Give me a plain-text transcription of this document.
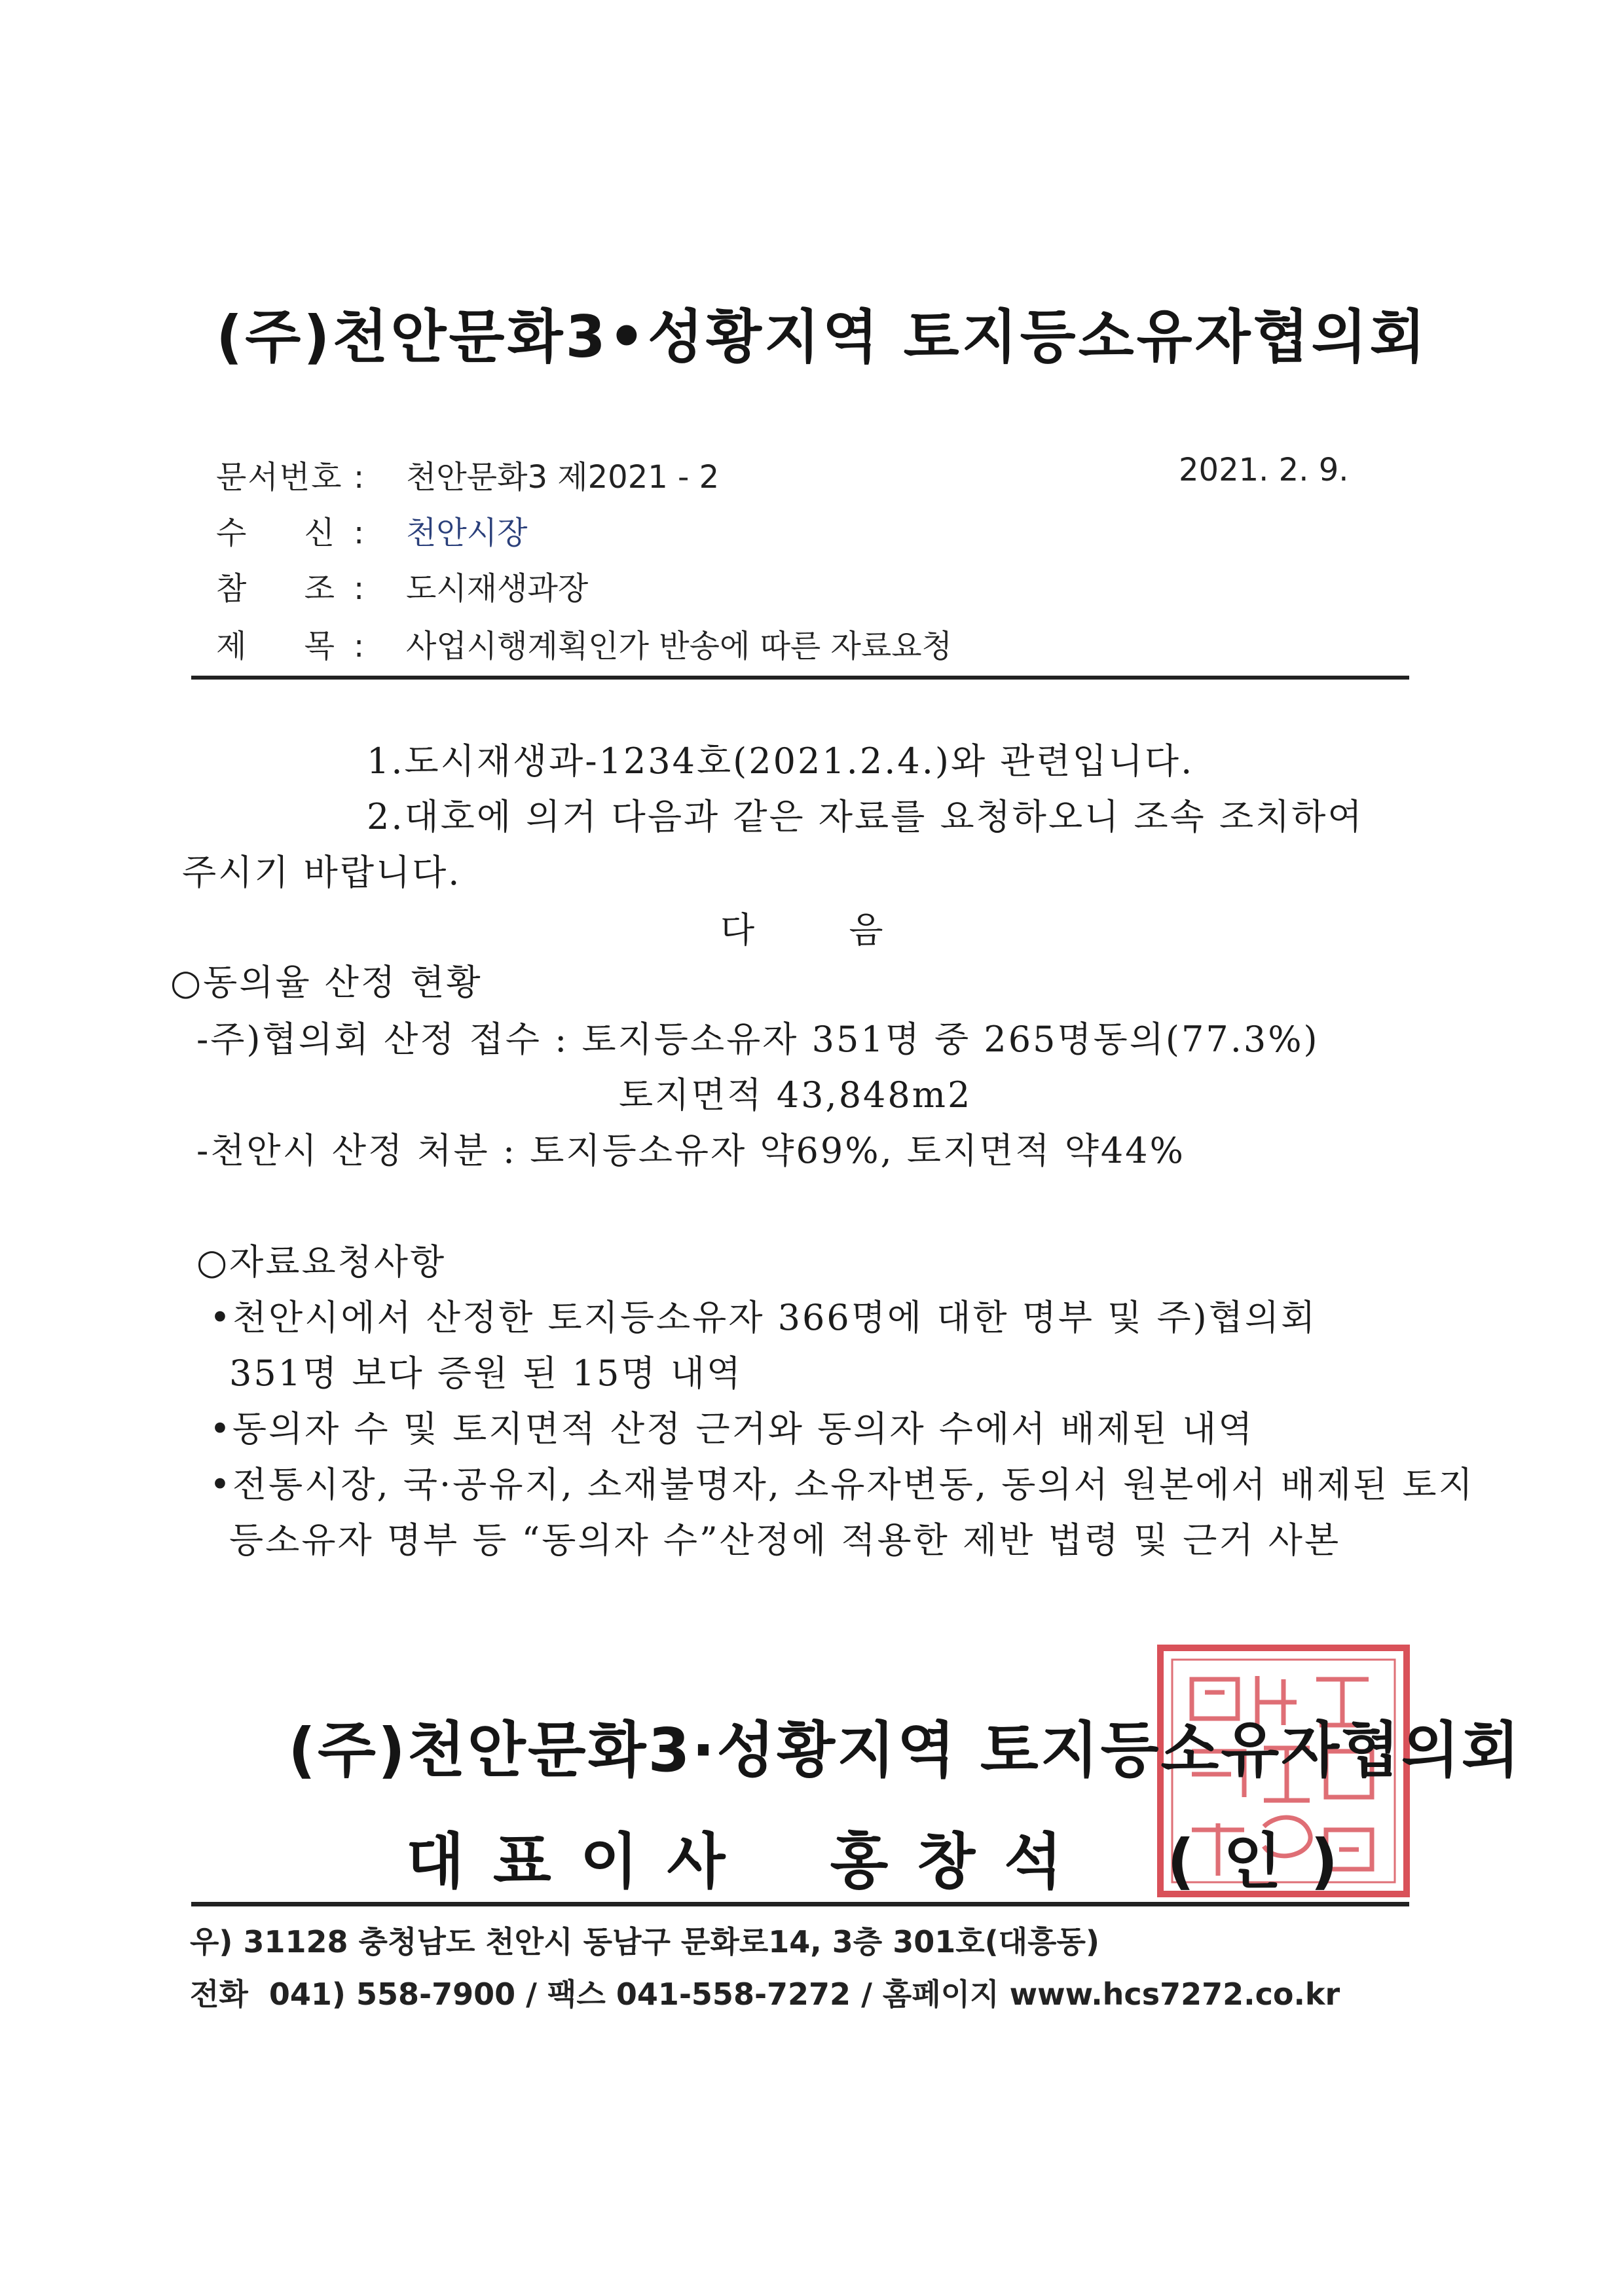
(주)천안문화3•성황지역 토지등소유자협의회
문서번호 : 천안문화3 제2021 - 2	2021. 2. 9.
수     신 : 천안시장
참     조 : 도시재생과장
제     목 : 사업시행계획인가 반송에 따른 자료요청
1.도시재생과-1234호(2021.2.4.)와 관련입니다.
2.대호에 의거 다음과 같은 자료를 요청하오니 조속 조치하여
주시기 바랍니다.
다       음
○동의율 산정 현황
-주)협의회 산정 접수 : 토지등소유자 351명 중 265명동의(77.3%)
토지면적 43,848m2
-천안시 산정 처분 : 토지등소유자 약69%, 토지면적 약44%
○자료요청사항
•천안시에서 산정한 토지등소유자 366명에 대한 명부 및 주)협의회
351명 보다 증원 된 15명 내역
•동의자 수 및 토지면적 산정 근거와 동의자 수에서 배제된 내역
•전통시장, 국·공유지, 소재불명자, 소유자변동, 동의서 원본에서 배제된 토지
등소유자 명부 등 “동의자 수”산정에 적용한 제반 법령 및 근거 사본
(주)천안문화3·성황지역 토지등소유자협의회
대표이사 홍창석 (인)
우) 31128 충청남도 천안시 동남구 문화로14, 3층 301호(대흥동)
전화  041) 558-7900 / 팩스 041-558-7272 / 홈페이지 www.hcs7272.co.kr
